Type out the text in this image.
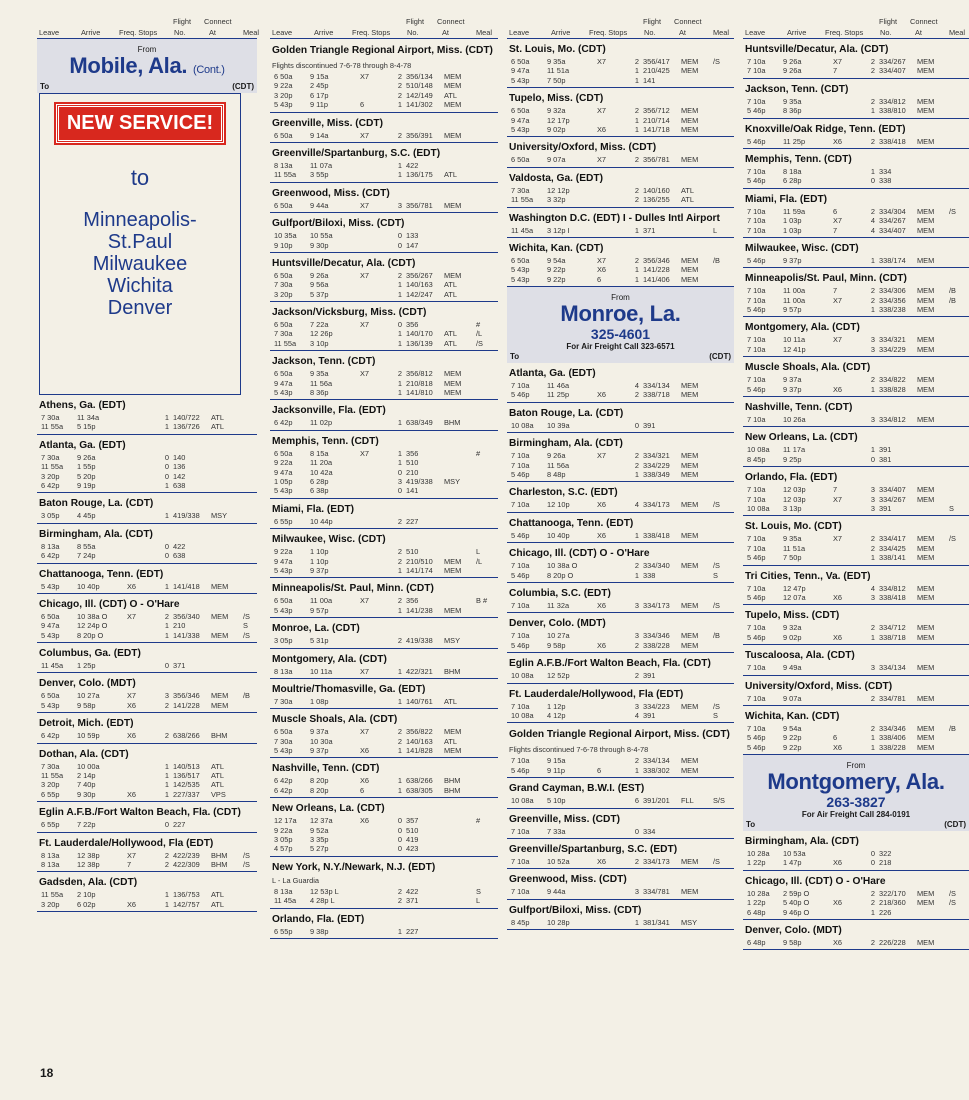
Flight Connect
Leave	Arrive	Freq. Stops No.	At	Meal
From
Mobile, Ala. (Cont.)
To	(CDT)
NEW SERVICE!
to
Minneapolis-
St.Paul
Milwaukee
Wichita
Denver
Athens, Ga. (EDT)
7 30a 11 34a	1 140/722 ATL
11 55a 5 15p	1 136/726 ATL
Atlanta, Ga. (EDT)
7 30a 9 26a	0 140
11 55a 1 55p	0 136
3 20p 5 20p	0 142
6 42p 9 19p	1 638
Baton Rouge, La. (CDT)
3 05p 4 45p	1 419/338 MSY
Birmingham, Ala. (CDT)
8 13a 8 55a	0 422
6 42p 7 24p	0 638
Chattanooga, Tenn. (EDT)
5 43p 10 40p	X6	1 141/418 MEM
Chicago, Ill. (CDT) O - O'Hare
6 50a 10 38a O	X7	2 356/340 MEM /S
9 47a 12 24p O	1 210	S
5 43p 8 20p O	1 141/338 MEM /S
Columbus, Ga. (EDT)
11 45a 1 25p	0 371
Denver, Colo. (MDT)
6 50a 10 27a	X7	3 356/346 MEM /B
5 43p 9 58p	X6	2 141/228 MEM
Detroit, Mich. (EDT)
6 42p 10 59p	X6	2 638/266 BHM
Dothan, Ala. (CDT)
7 30a 10 00a	1 140/513 ATL
11 55a 2 14p	1 136/517 ATL
3 20p 7 40p	1 142/535 ATL
6 55p 9 30p	X6	1 227/337 VPS
Eglin A.F.B./Fort Walton Beach, Fla. (CDT)
6 55p 7 22p	0 227
Ft. Lauderdale/Hollywood, Fla (EDT)
8 13a 12 38p	X7	2 422/239 BHM /S
8 13a 12 38p	7	2 422/309 BHM /S
Gadsden, Ala. (CDT)
11 55a 2 10p	1 136/753 ATL
3 20p 6 02p	X6	1 142/757 ATL
Flight Connect
Leave	Arrive	Freq. Stops No.	At	Meal
Golden Triangle Regional Airport, Miss. (CDT)
Flights discontinued 7-6-78 through 8-4-78
6 50a 9 15a	X7	2 356/134 MEM
9 22a 2 45p	2 510/148 MEM
3 20p 6 17p	2 142/149 ATL
5 43p 9 11p	6	1 141/302 MEM
Greenville, Miss. (CDT)
6 50a 9 14a	X7	2 356/391 MEM
Greenville/Spartanburg, S.C. (EDT)
8 13a 11 07a	1 422
11 55a 3 55p	1 136/175 ATL
Greenwood, Miss. (CDT)
6 50a 9 44a	X7	3 356/781 MEM
Gulfport/Biloxi, Miss. (CDT)
10 35a 10 55a	0 133
9 10p 9 30p	0 147
Huntsville/Decatur, Ala. (CDT)
6 50a 9 26a	X7	2 356/267 MEM
7 30a 9 56a	1 140/163 ATL
3 20p 5 37p	1 142/247 ATL
Jackson/Vicksburg, Miss. (CDT)
6 50a 7 22a	X7	0 356	#
7 30a 12 26p	1 140/170 ATL	/L
11 55a 3 10p	1 136/139 ATL	/S
Jackson, Tenn. (CDT)
6 50a 9 35a	X7	2 356/812 MEM
9 47a 11 56a	1 210/818 MEM
5 43p 8 36p	1 141/810 MEM
Jacksonville, Fla. (EDT)
6 42p 11 02p	1 638/349 BHM
Memphis, Tenn. (CDT)
6 50a 8 15a	X7	1 356	#
9 22a 11 20a	1 510
9 47a 10 42a	0 210
1 05p 6 28p	3 419/338 MSY
5 43p 6 38p	0 141
Miami, Fla. (EDT)
6 55p 10 44p	2 227
Milwaukee, Wisc. (CDT)
9 22a 1 10p	2 510	L
9 47a 1 10p	2 210/510 MEM /L
5 43p 9 37p	1 141/174 MEM
Minneapolis/St. Paul, Minn. (CDT)
6 50a 11 00a	X7	2 356	B #
5 43p 9 57p	1 141/238 MEM
Monroe, La. (CDT)
3 05p 5 31p	2 419/338 MSY
Montgomery, Ala. (CDT)
8 13a 10 11a	X7	1 422/321 BHM
Moultrie/Thomasville, Ga. (EDT)
7 30a 1 08p	1 140/761 ATL
Muscle Shoals, Ala. (CDT)
6 50a 9 37a	X7	2 356/822 MEM
7 30a 10 30a	2 140/163 ATL
5 43p 9 37p	X6	1 141/828 MEM
Nashville, Tenn. (CDT)
6 42p 8 20p	X6	1 638/266 BHM
6 42p 8 20p	6	1 638/305 BHM
New Orleans, La. (CDT)
12 17a 12 37a	X6	0 357	#
9 22a 9 52a	0 510
3 05p 3 35p	0 419
4 57p 5 27p	0 423
New York, N.Y./Newark, N.J. (EDT)
L - La Guardia
8 13a 12 53p L	2 422	S
11 45a 4 28p L	2 371	L
Orlando, Fla. (EDT)
6 55p 9 38p	1 227
Flight Connect
Leave	Arrive	Freq. Stops No.	At	Meal
St. Louis, Mo. (CDT)
6 50a 9 35a	X7	2 356/417 MEM /S
9 47a 11 51a	1 210/425 MEM
5 43p 7 50p	1 141
Tupelo, Miss. (CDT)
6 50a 9 32a	X7	2 356/712 MEM
9 47a 12 17p	1 210/714 MEM
5 43p 9 02p	X6	1 141/718 MEM
University/Oxford, Miss. (CDT)
6 50a 9 07a	X7	2 356/781 MEM
Valdosta, Ga. (EDT)
7 30a 12 12p	2 140/160 ATL
11 55a 3 32p	2 136/255 ATL
Washington D.C. (EDT) I - Dulles Intl Airport
11 45a 3 12p I	1 371	L
Wichita, Kan. (CDT)
6 50a 9 54a	X7	2 356/346 MEM /B
5 43p 9 22p	X6	1 141/228 MEM
5 43p 9 22p	6	1 141/406 MEM
From
Monroe, La.
325-4601
For Air Freight Call 323-6571
To	(CDT)
Atlanta, Ga. (EDT)
7 10a 11 46a	4 334/134 MEM
5 46p 11 25p	X6	2 338/718 MEM
Baton Rouge, La. (CDT)
10 08a 10 39a	0 391
Birmingham, Ala. (CDT)
7 10a 9 26a	X7	2 334/321 MEM
7 10a 11 56a	2 334/229 MEM
5 46p 8 48p	1 338/349 MEM
Charleston, S.C. (EDT)
7 10a 12 10p	X6	4 334/173 MEM /S
Chattanooga, Tenn. (EDT)
5 46p 10 40p	X6	1 338/418 MEM
Chicago, Ill. (CDT) O - O'Hare
7 10a 10 38a O	2 334/340 MEM /S
5 46p 8 20p O	1 338	S
Columbia, S.C. (EDT)
7 10a 11 32a	X6	3 334/173 MEM /S
Denver, Colo. (MDT)
7 10a 10 27a	3 334/346 MEM /B
5 46p 9 58p	X6	2 338/228 MEM
Eglin A.F.B./Fort Walton Beach, Fla. (CDT)
10 08a 12 52p	2 391
Ft. Lauderdale/Hollywood, Fla (EDT)
7 10a 1 12p	3 334/223 MEM /S
10 08a 4 12p	4 391	S
Golden Triangle Regional Airport, Miss. (CDT)
Flights discontinued 7-6-78 through 8-4-78
7 10a 9 15a	2 334/134 MEM
5 46p 9 11p	6	1 338/302 MEM
Grand Cayman, B.W.I. (EST)
10 08a 5 10p	6 391/201 FLL	S/S
Greenville, Miss. (CDT)
7 10a 7 33a	0 334
Greenville/Spartanburg, S.C. (EDT)
7 10a 10 52a	X6	2 334/173 MEM /S
Greenwood, Miss. (CDT)
7 10a 9 44a	3 334/781 MEM
Gulfport/Biloxi, Miss. (CDT)
8 45p 10 28p	1 381/341 MSY
Flight Connect
Leave	Arrive	Freq. Stops No.	At	Meal
Huntsville/Decatur, Ala. (CDT)
7 10a 9 26a	X7	2 334/267 MEM
7 10a 9 26a	7	2 334/407 MEM
Jackson, Tenn. (CDT)
7 10a 9 35a	2 334/812 MEM
5 46p 8 36p	1 338/810 MEM
Knoxville/Oak Ridge, Tenn. (EDT)
5 46p 11 25p	X6	2 338/418 MEM
Memphis, Tenn. (CDT)
7 10a 8 18a	1 334
5 46p 6 28p	0 338
Miami, Fla. (EDT)
7 10a 11 59a	6	2 334/304 MEM /S
7 10a 1 03p	X7	4 334/267 MEM
7 10a 1 03p	7	4 334/407 MEM
Milwaukee, Wisc. (CDT)
5 46p 9 37p	1 338/174 MEM
Minneapolis/St. Paul, Minn. (CDT)
7 10a 11 00a	7	2 334/306 MEM /B
7 10a 11 00a	X7	2 334/356 MEM /B
5 46p 9 57p	1 338/238 MEM
Montgomery, Ala. (CDT)
7 10a 10 11a	X7	3 334/321 MEM
7 10a 12 41p	3 334/229 MEM
Muscle Shoals, Ala. (CDT)
7 10a 9 37a	2 334/822 MEM
5 46p 9 37p	X6	1 338/828 MEM
Nashville, Tenn. (CDT)
7 10a 10 26a	3 334/812 MEM
New Orleans, La. (CDT)
10 08a 11 17a	1 391
8 45p 9 25p	0 381
Orlando, Fla. (EDT)
7 10a 12 03p	7	3 334/407 MEM
7 10a 12 03p	X7	3 334/267 MEM
10 08a 3 13p	3 391	S
St. Louis, Mo. (CDT)
7 10a 9 35a	X7	2 334/417 MEM /S
7 10a 11 51a	2 334/425 MEM
5 46p 7 50p	1 338/141 MEM
Tri Cities, Tenn., Va. (EDT)
7 10a 12 47p	4 334/812 MEM
5 46p 12 07a	X6	3 338/418 MEM
Tupelo, Miss. (CDT)
7 10a 9 32a	2 334/712 MEM
5 46p 9 02p	X6	1 338/718 MEM
Tuscaloosa, Ala. (CDT)
7 10a 9 49a	3 334/134 MEM
University/Oxford, Miss. (CDT)
7 10a 9 07a	2 334/781 MEM
Wichita, Kan. (CDT)
7 10a 9 54a	2 334/346 MEM /B
5 46p 9 22p	6	1 338/406 MEM
5 46p 9 22p	X6	1 338/228 MEM
From
Montgomery, Ala.
263-3827
For Air Freight Call 284-0191
To	(CDT)
Birmingham, Ala. (CDT)
10 28a 10 53a	0 322
1 22p 1 47p	X6	0 218
Chicago, Ill. (CDT) O - O'Hare
10 28a 2 59p O	2 322/170 MEM /S
1 22p 5 40p O	X6	2 218/360 MEM /S
6 48p 9 46p O	1 226
Denver, Colo. (MDT)
6 48p 9 58p	X6	2 226/228 MEM
18
